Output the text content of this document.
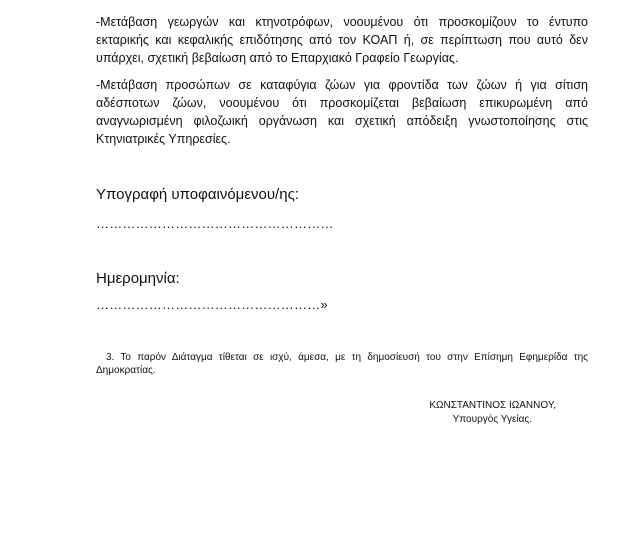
-Μετάβαση γεωργών και κτηνοτρόφων, νοουμένου ότι προσκομίζουν το έντυπο εκταρικής και κεφαλικής επιδότησης από τον ΚΟΑΠ ή, σε περίπτωση που αυτό δεν υπάρχει, σχετική βεβαίωση από το Επαρχιακό Γραφείο Γεωργίας.

-Μετάβαση προσώπων σε καταφύγια ζώων για φροντίδα των ζώων ή για σίτιση αδέσποτων ζώων, νοουμένου ότι προσκομίζεται βεβαίωση επικυρωμένη από αναγνωρισμένη φιλοζωική οργάνωση και σχετική απόδειξη γνωστοποίησης στις Κτηνιατρικές Υπηρεσίες.

Υπογραφή υποφαινόμενου/ης:

………………………………………………

Ημερομηνία:

……………………………………………»

3. Το παρόν Διάταγμα τίθεται σε ισχύ, άμεσα, με τη δημοσίευσή του στην Επίσημη Εφημερίδα της Δημοκρατίας.

ΚΩΝΣΤΑΝΤΙΝΟΣ ΙΩΑΝΝΟΥ,
Υπουργός Υγείας.
